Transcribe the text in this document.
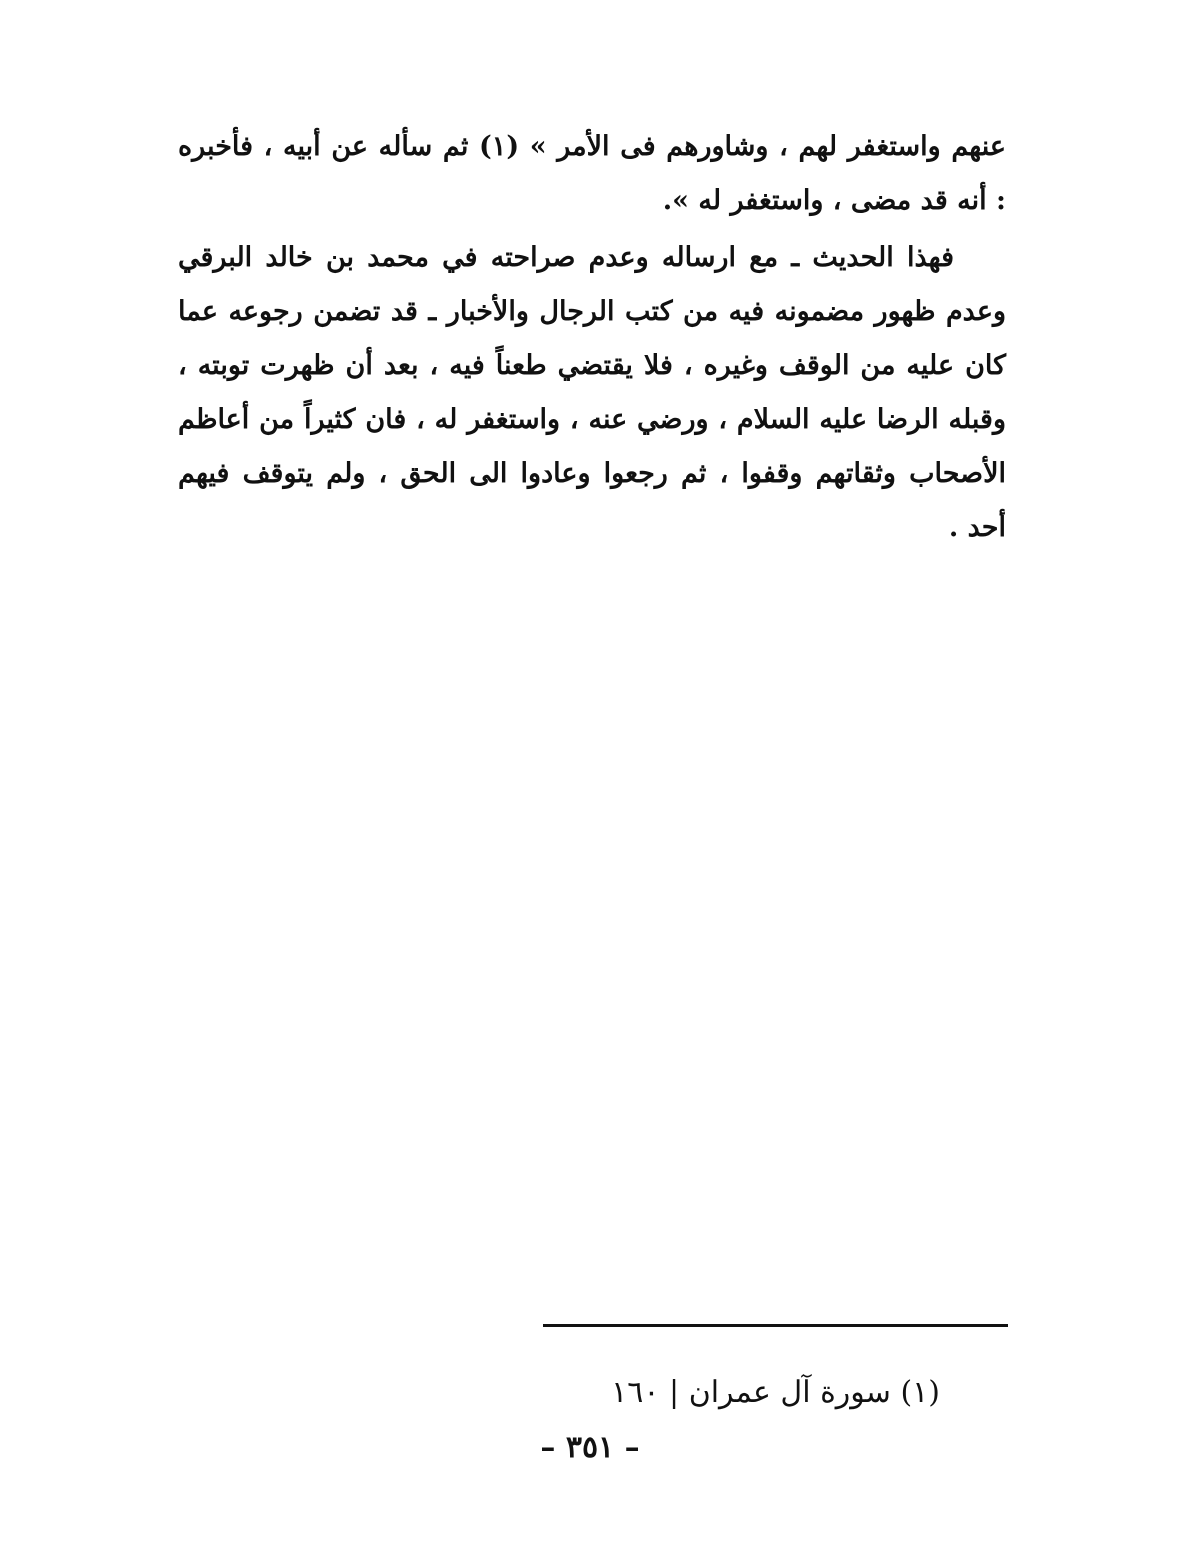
عنهم واستغفر لهم ، وشاورهم فى الأمر » (١) ثم سأله عن أبيه ، فأخبره : أنه قد مضى ، واستغفر له ».

فهذا الحديث ـ مع ارساله وعدم صراحته في محمد بن خالد البرقي وعدم ظهور مضمونه فيه من كتب الرجال والأخبار ـ قد تضمن رجوعه عما كان عليه من الوقف وغيره ، فلا يقتضي طعناً فيه ، بعد أن ظهرت توبته ، وقبله الرضا عليه السلام ، ورضي عنه ، واستغفر له ، فان كثيراً من أعاظم الأصحاب وثقاتهم وقفوا ، ثم رجعوا وعادوا الى الحق ، ولم يتوقف فيهم أحد .

(١) سورة آل عمران | ١٦٠
– ٣٥١ –
